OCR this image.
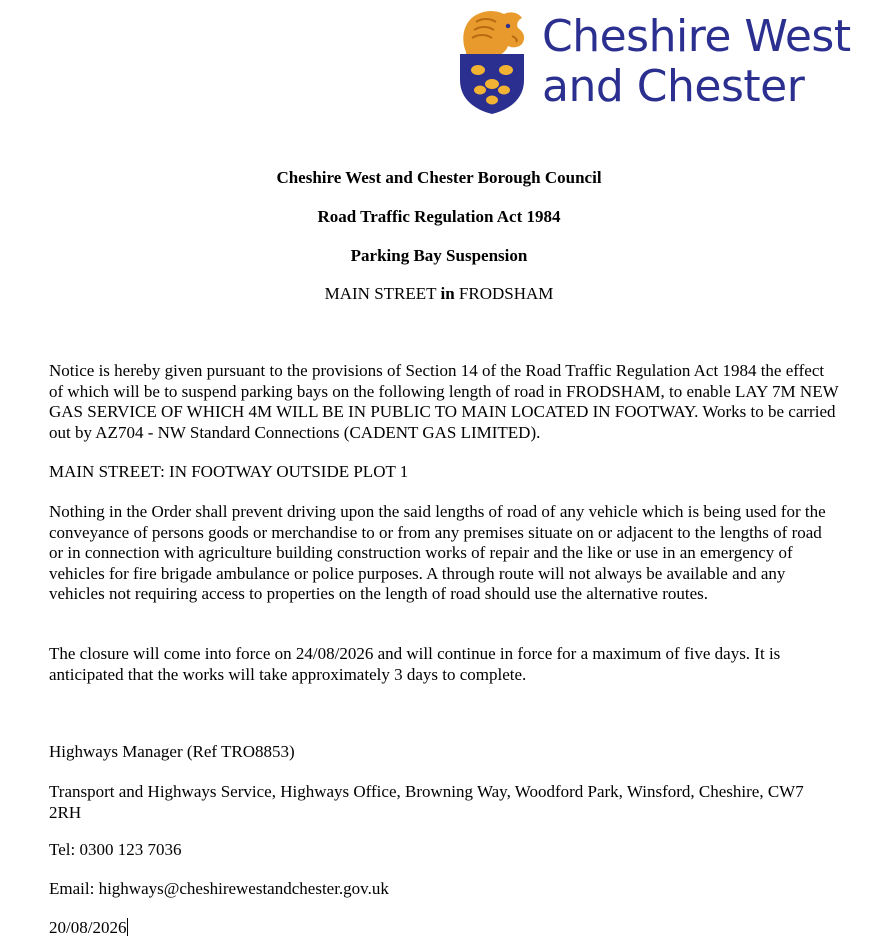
Cheshire West
and Chester
Cheshire West and Chester Borough Council
Road Traffic Regulation Act 1984
Parking Bay Suspension
MAIN STREET in FRODSHAM
Notice is hereby given pursuant to the provisions of Section 14 of the Road Traffic Regulation Act 1984 the effect of which will be to suspend parking bays on the following length of road in FRODSHAM, to enable LAY 7M NEW GAS SERVICE OF WHICH 4M WILL BE IN PUBLIC TO MAIN LOCATED IN FOOTWAY. Works to be carried out by AZ704 - NW Standard Connections (CADENT GAS LIMITED).
MAIN STREET: IN FOOTWAY OUTSIDE PLOT 1
Nothing in the Order shall prevent driving upon the said lengths of road of any vehicle which is being used for the conveyance of persons goods or merchandise to or from any premises situate on or adjacent to the lengths of road or in connection with agriculture building construction works of repair and the like or use in an emergency of vehicles for fire brigade ambulance or police purposes. A through route will not always be available and any vehicles not requiring access to properties on the length of road should use the alternative routes.
The closure will come into force on 24/08/2026 and will continue in force for a maximum of five days. It is anticipated that the works will take approximately 3 days to complete.
Highways Manager (Ref TRO8853)
Transport and Highways Service, Highways Office, Browning Way, Woodford Park, Winsford, Cheshire, CW7 2RH
Tel: 0300 123 7036
Email: highways@cheshirewestandchester.gov.uk
20/08/2026
